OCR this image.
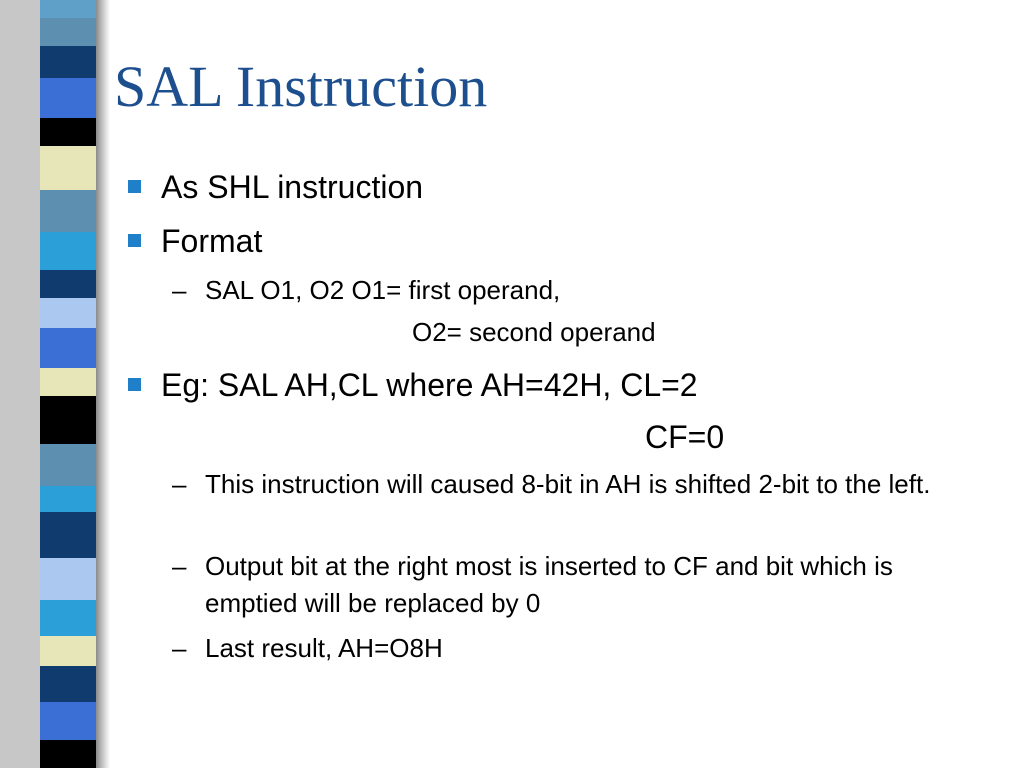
SAL Instruction
As SHL instruction
Format
– SAL O1, O2 O1= first operand,
O2= second operand
Eg: SAL AH,CL where AH=42H, CL=2
CF=0
– This instruction will caused 8-bit in AH is shifted 2-bit to the left.
– Output bit at the right most is inserted to CF and bit which is emptied will be replaced by 0
– Last result, AH=O8H
